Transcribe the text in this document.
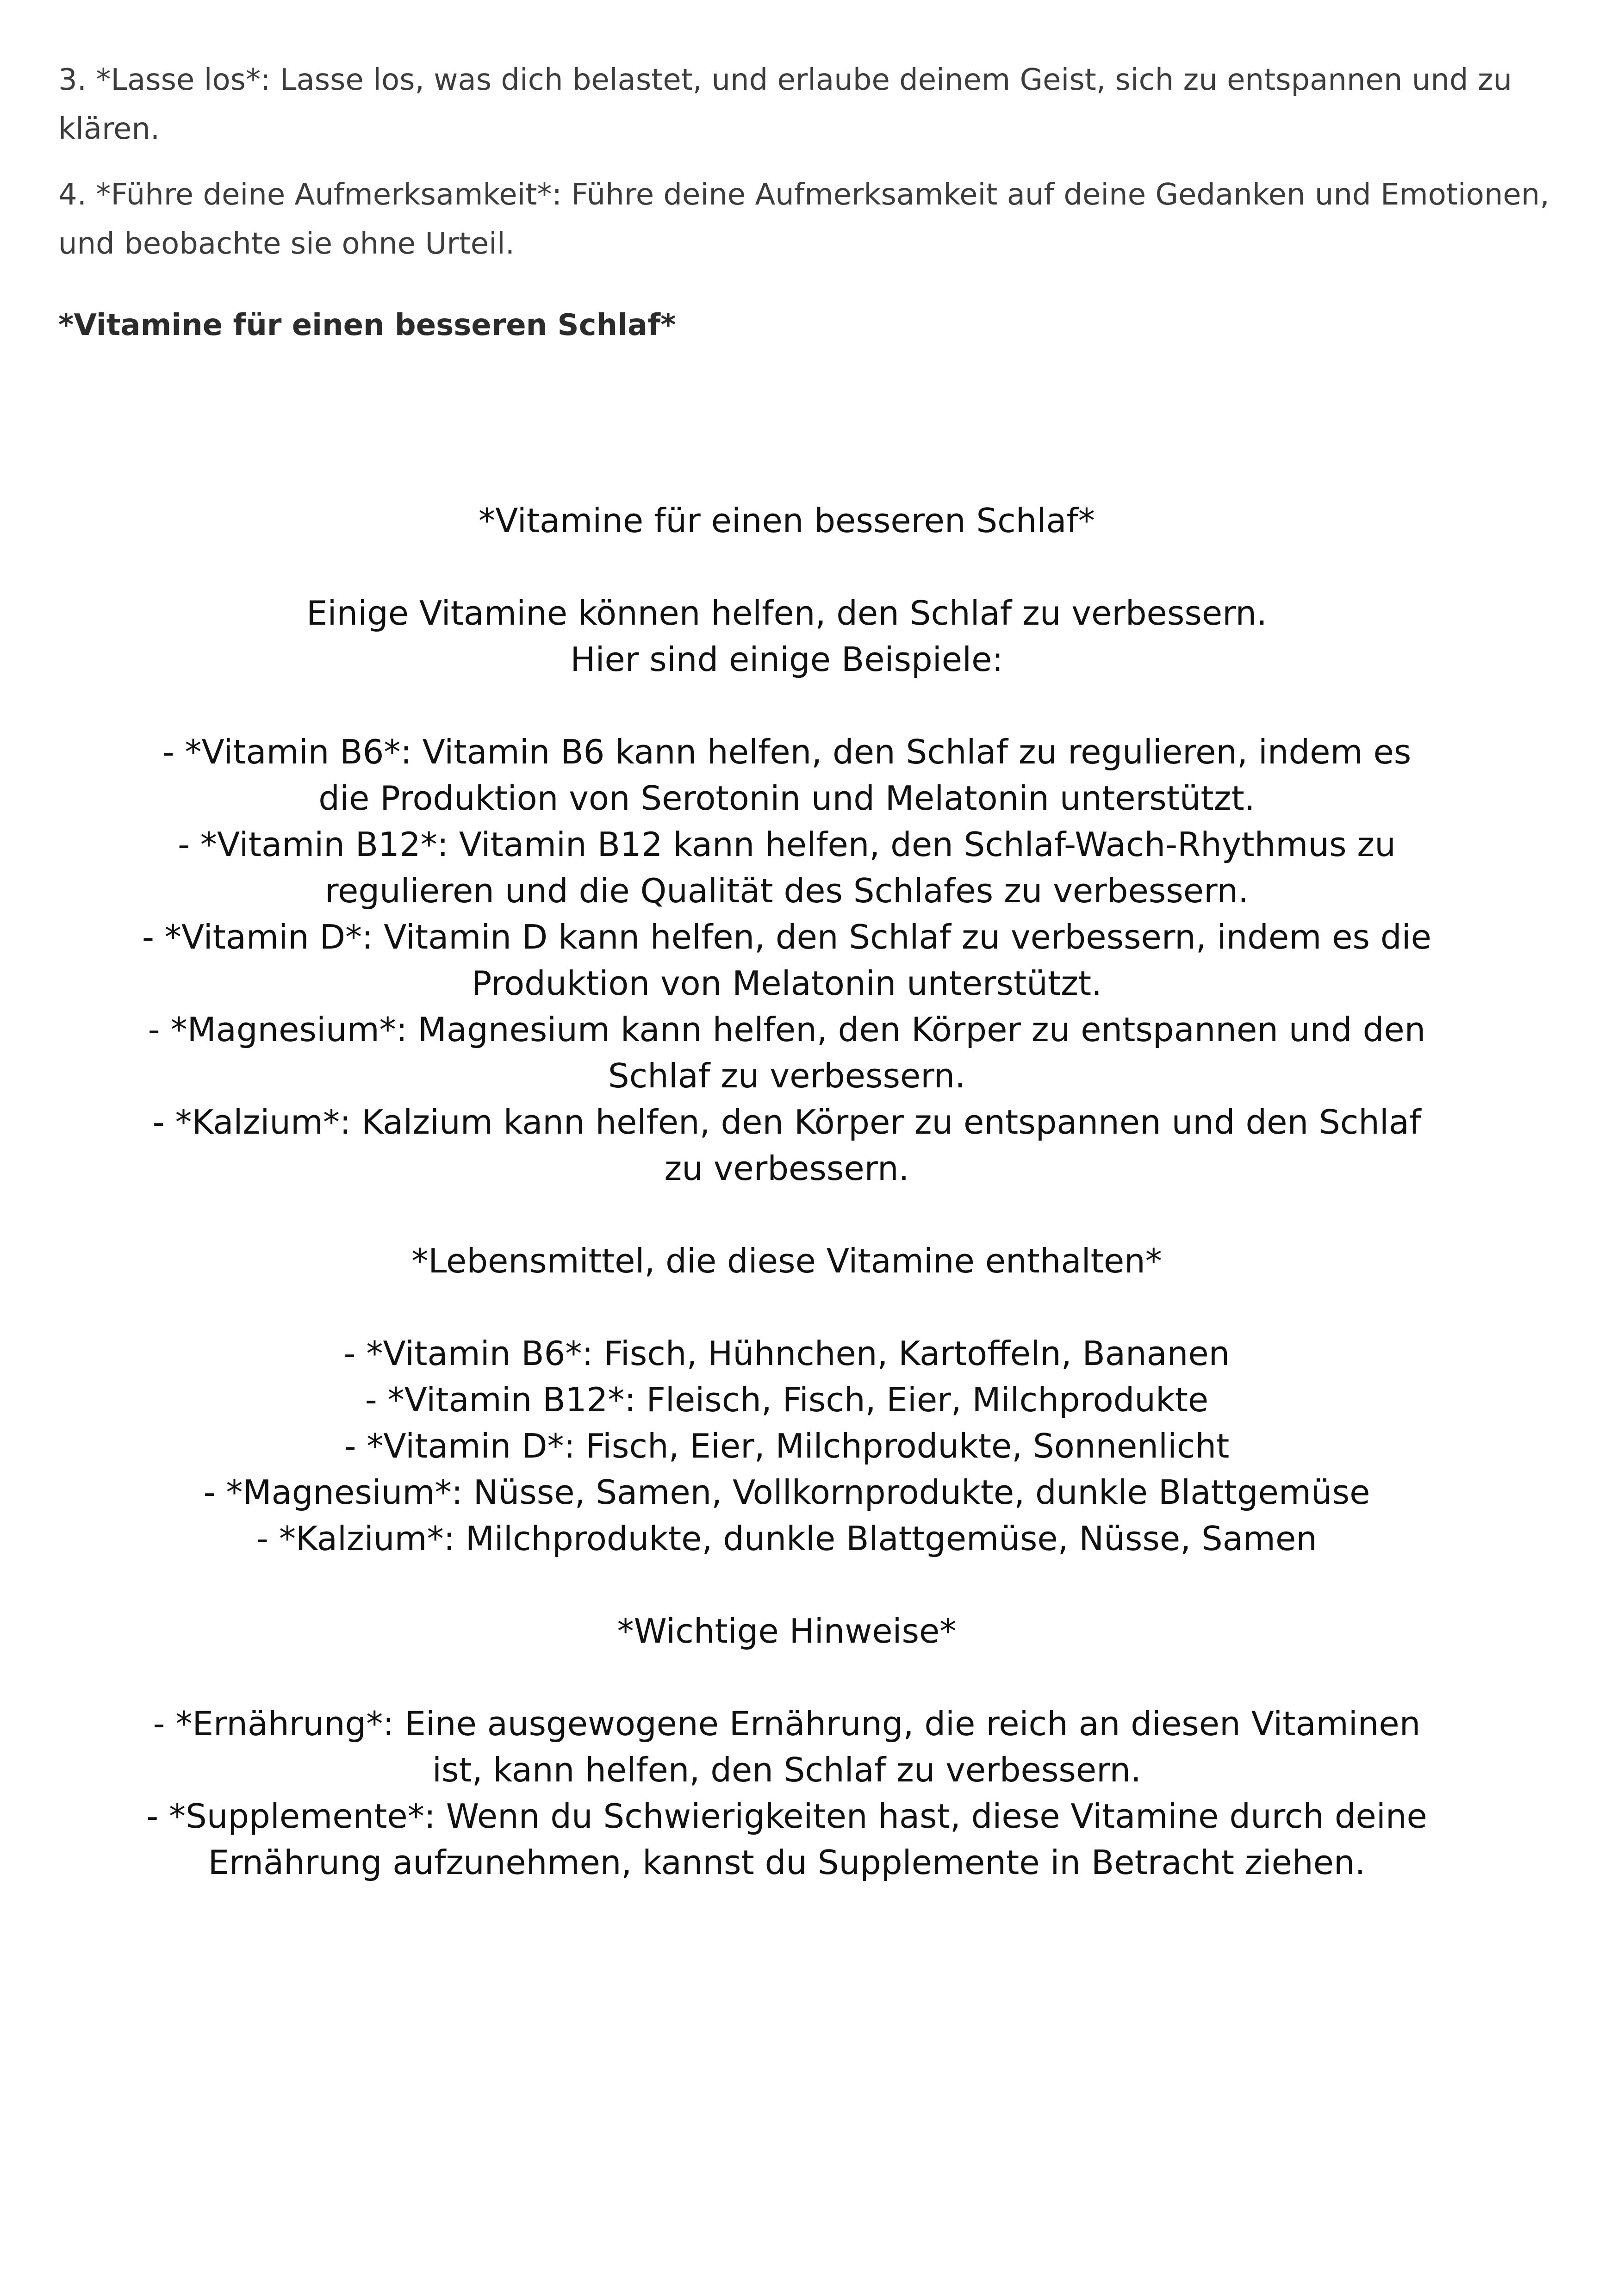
3. *Lasse los*: Lasse los, was dich belastet, und erlaube deinem Geist, sich zu entspannen und zu klären.

4. *Führe deine Aufmerksamkeit*: Führe deine Aufmerksamkeit auf deine Gedanken und Emotionen, und beobachte sie ohne Urteil.

*Vitamine für einen besseren Schlaf*

*Vitamine für einen besseren Schlaf*
Einige Vitamine können helfen, den Schlaf zu verbessern.
Hier sind einige Beispiele:
- *Vitamin B6*: Vitamin B6 kann helfen, den Schlaf zu regulieren, indem es
die Produktion von Serotonin und Melatonin unterstützt.
- *Vitamin B12*: Vitamin B12 kann helfen, den Schlaf-Wach-Rhythmus zu
regulieren und die Qualität des Schlafes zu verbessern.
- *Vitamin D*: Vitamin D kann helfen, den Schlaf zu verbessern, indem es die
Produktion von Melatonin unterstützt.
- *Magnesium*: Magnesium kann helfen, den Körper zu entspannen und den
Schlaf zu verbessern.
- *Kalzium*: Kalzium kann helfen, den Körper zu entspannen und den Schlaf
zu verbessern.
*Lebensmittel, die diese Vitamine enthalten*
- *Vitamin B6*: Fisch, Hühnchen, Kartoffeln, Bananen
- *Vitamin B12*: Fleisch, Fisch, Eier, Milchprodukte
- *Vitamin D*: Fisch, Eier, Milchprodukte, Sonnenlicht
- *Magnesium*: Nüsse, Samen, Vollkornprodukte, dunkle Blattgemüse
- *Kalzium*: Milchprodukte, dunkle Blattgemüse, Nüsse, Samen
*Wichtige Hinweise*
- *Ernährung*: Eine ausgewogene Ernährung, die reich an diesen Vitaminen
ist, kann helfen, den Schlaf zu verbessern.
- *Supplemente*: Wenn du Schwierigkeiten hast, diese Vitamine durch deine
Ernährung aufzunehmen, kannst du Supplemente in Betracht ziehen.
